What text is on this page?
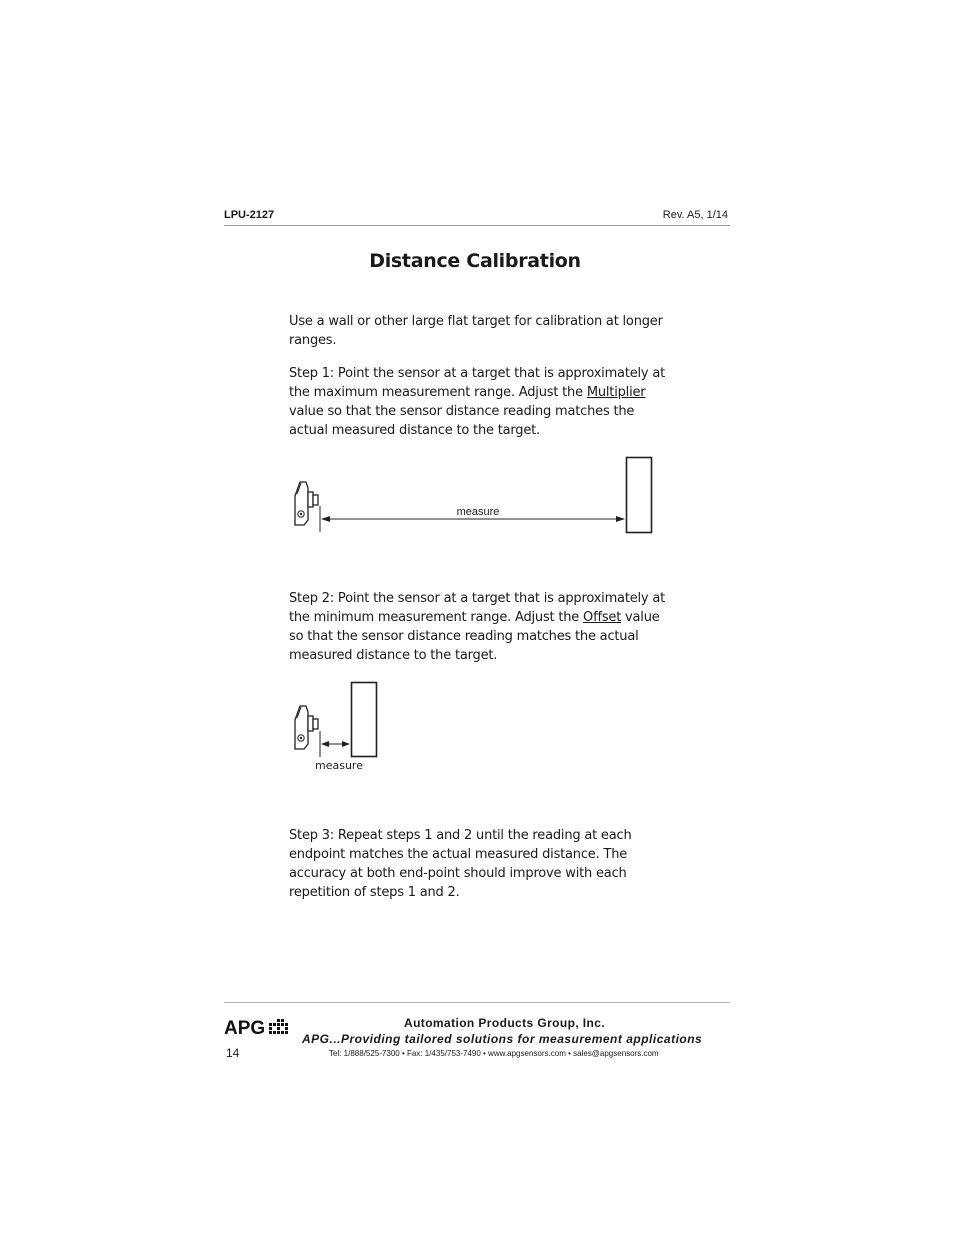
LPU-2127	Rev. A5, 1/14
Distance Calibration
Use a wall or other large flat target for calibration at longer ranges.
Step 1: Point the sensor at a target that is approximately at the maximum measurement range. Adjust the Multiplier value so that the sensor distance reading matches the actual measured distance to the target.
measure
Step 2: Point the sensor at a target that is approximately at the minimum measurement range. Adjust the Offset value so that the sensor distance reading matches the actual measured distance to the target.
measure
Step 3: Repeat steps 1 and 2 until the reading at each endpoint matches the actual measured distance. The accuracy at both end-point should improve with each repetition of steps 1 and 2.
APG	Automation Products Group, Inc.
APG...Providing tailored solutions for measurement applications
Tel: 1/888/525-7300 • Fax: 1/435/753-7490 • www.apgsensors.com • sales@apgsensors.com
14
